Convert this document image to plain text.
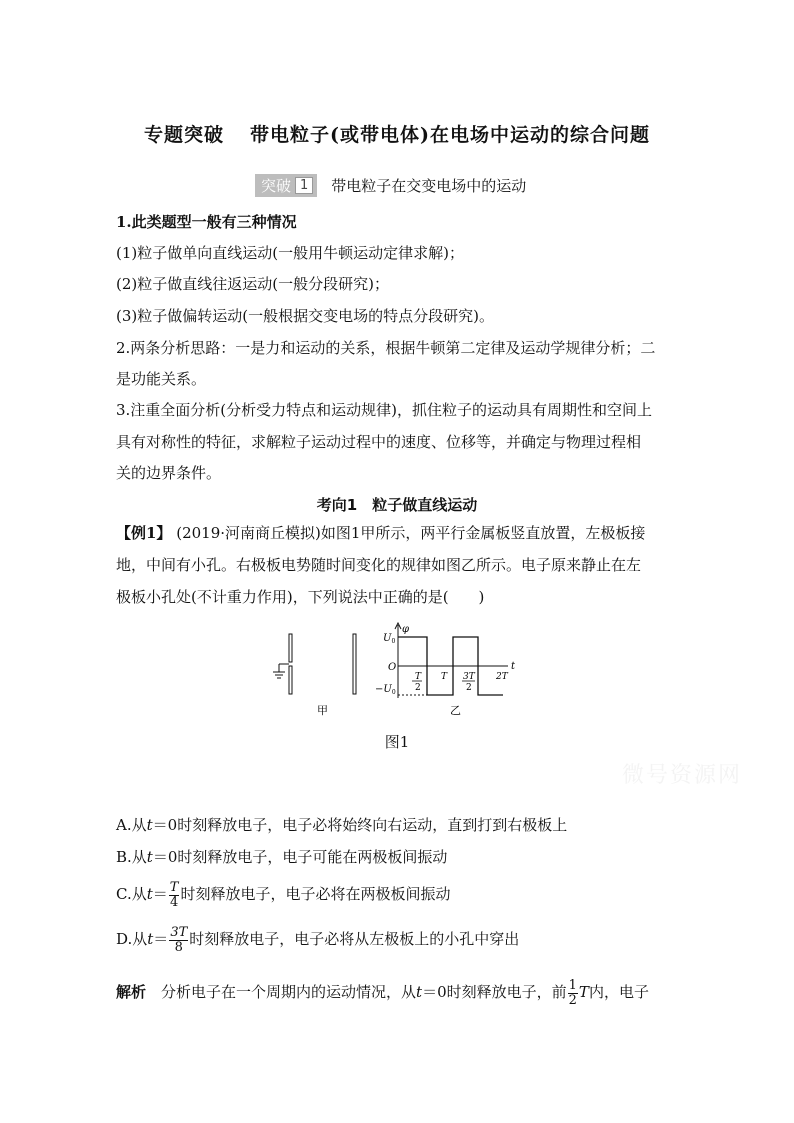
专题突破 带电粒子(或带电体)在电场中运动的综合问题
突破 1	带电粒子在交变电场中的运动
1.此类题型一般有三种情况
(1)粒子做单向直线运动(一般用牛顿运动定律求解)；
(2)粒子做直线往返运动(一般分段研究)；
(3)粒子做偏转运动(一般根据交变电场的特点分段研究)。
2.两条分析思路：一是力和运动的关系，根据牛顿第二定律及运动学规律分析；二
是功能关系。
3.注重全面分析(分析受力特点和运动规律)，抓住粒子的运动具有周期性和空间上
具有对称性的特征，求解粒子运动过程中的速度、位移等，并确定与物理过程相
关的边界条件。
考向1　粒子做直线运动
【例1】 (2019·河南商丘模拟)如图1甲所示，两平行金属板竖直放置，左极板接
地，中间有小孔。右极板电势随时间变化的规律如图乙所示。电子原来静止在左
极板小孔处(不计重力作用)，下列说法中正确的是(　　)
甲
φ
t
O
$U_0$
$-U_0$
T
2
T 3T
2
2T
乙
图1
微号资源网
A.从t＝0时刻释放电子，电子必将始终向右运动，直到打到右极板上
B.从t＝0时刻释放电子，电子可能在两极板间振动
C.从$t= \frac{T}{4}$ 时刻释放电子，电子必将在两极板间振动
D.从$t= \frac{3T}{8}$ 时刻释放电子，电子必将从左极板上的小孔中穿出
解析　 分析电子在一个周期内的运动情况，从t＝0时刻释放电子，前 $\frac{1}{2}$ T内，电子
